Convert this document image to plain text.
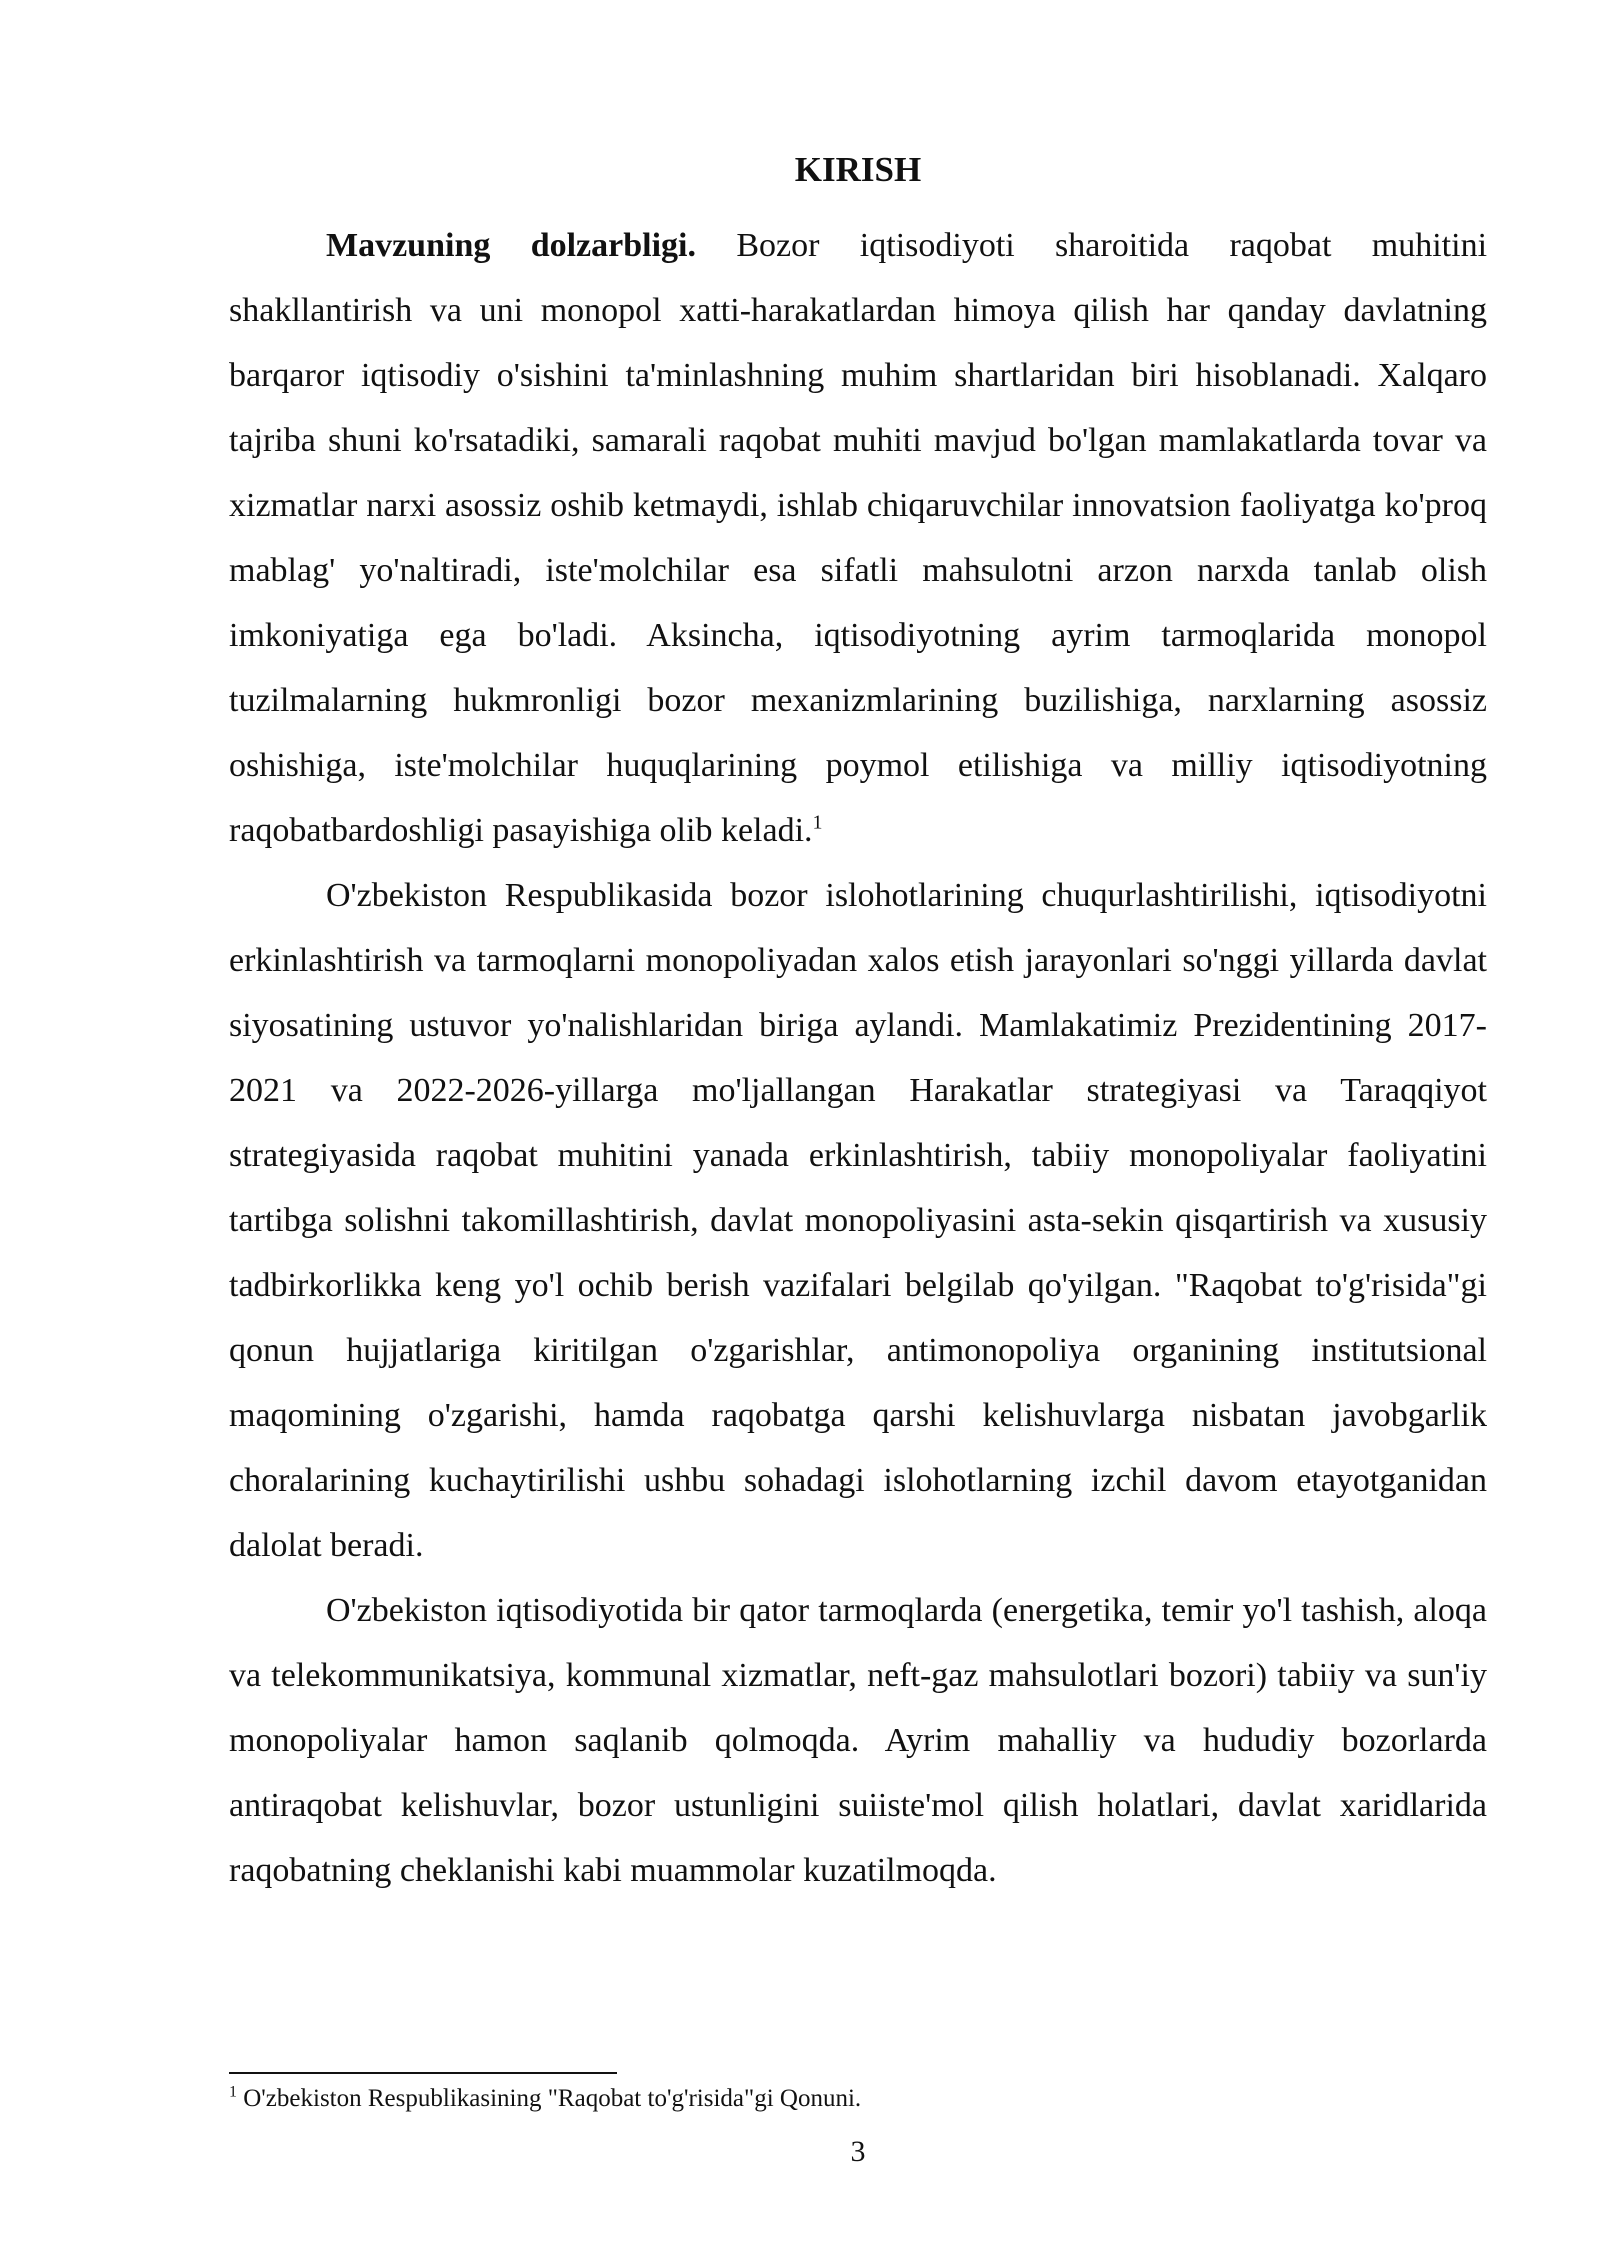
KIRISH

Mavzuning dolzarbligi. Bozor iqtisodiyoti sharoitida raqobat muhitini shakllantirish va uni monopol xatti-harakatlardan himoya qilish har qanday davlatning barqaror iqtisodiy o'sishini ta'minlashning muhim shartlaridan biri hisoblanadi. Xalqaro tajriba shuni ko'rsatadiki, samarali raqobat muhiti mavjud bo'lgan mamlakatlarda tovar va xizmatlar narxi asossiz oshib ketmaydi, ishlab chiqaruvchilar innovatsion faoliyatga ko'proq mablag' yo'naltiradi, iste'molchilar esa sifatli mahsulotni arzon narxda tanlab olish imkoniyatiga ega bo'ladi. Aksincha, iqtisodiyotning ayrim tarmoqlarida monopol tuzilmalarning hukmronligi bozor mexanizmlarining buzilishiga, narxlarning asossiz oshishiga, iste'molchilar huquqlarining poymol etilishiga va milliy iqtisodiyotning raqobatbardoshligi pasayishiga olib keladi.$^1$

O'zbekiston Respublikasida bozor islohotlarining chuqurlashtirilishi, iqtisodiyotni erkinlashtirish va tarmoqlarni monopoliyadan xalos etish jarayonlari so'nggi yillarda davlat siyosatining ustuvor yo'nalishlaridan biriga aylandi. Mamlakatimiz Prezidentining 2017-2021 va 2022-2026-yillarga mo'ljallangan Harakatlar strategiyasi va Taraqqiyot strategiyasida raqobat muhitini yanada erkinlashtirish, tabiiy monopoliyalar faoliyatini tartibga solishni takomillashtirish, davlat monopoliyasini asta-sekin qisqartirish va xususiy tadbirkorlikka keng yo'l ochib berish vazifalari belgilab qo'yilgan. "Raqobat to'g'risida"gi qonun hujjatlariga kiritilgan o'zgarishlar, antimonopoliya organining institutsional maqomining o'zgarishi, hamda raqobatga qarshi kelishuvlarga nisbatan javobgarlik choralarining kuchaytirilishi ushbu sohadagi islohotlarning izchil davom etayotganidan dalolat beradi.

O'zbekiston iqtisodiyotida bir qator tarmoqlarda (energetika, temir yo'l tashish, aloqa va telekommunikatsiya, kommunal xizmatlar, neft-gaz mahsulotlari bozori) tabiiy va sun'iy monopoliyalar hamon saqlanib qolmoqda. Ayrim mahalliy va hududiy bozorlarda antiraqobat kelishuvlar, bozor ustunligini suiiste'mol qilish holatlari, davlat xaridlarida raqobatning cheklanishi kabi muammolar kuzatilmoqda.

$^1$ O'zbekiston Respublikasining "Raqobat to'g'risida"gi Qonuni.
3
